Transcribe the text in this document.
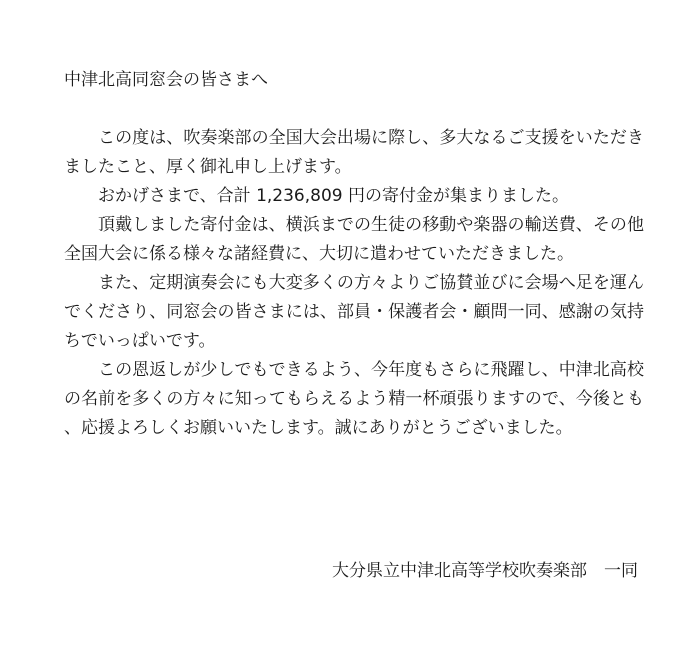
中津北高同窓会の皆さまへ

この度は、吹奏楽部の全国大会出場に際し、多大なるご支援をいただきましたこと、厚く御礼申し上げます。

おかげさまで、合計 1,236,809 円の寄付金が集まりました。

頂戴しました寄付金は、横浜までの生徒の移動や楽器の輸送費、その他全国大会に係る様々な諸経費に、大切に遣わせていただきました。

また、定期演奏会にも大変多くの方々よりご協賛並びに会場へ足を運んでくださり、同窓会の皆さまには、部員・保護者会・顧問一同、感謝の気持ちでいっぱいです。

この恩返しが少しでもできるよう、今年度もさらに飛躍し、中津北高校の名前を多くの方々に知ってもらえるよう精一杯頑張りますので、今後とも、応援よろしくお願いいたします。誠にありがとうございました。

大分県立中津北高等学校吹奏楽部 一同
